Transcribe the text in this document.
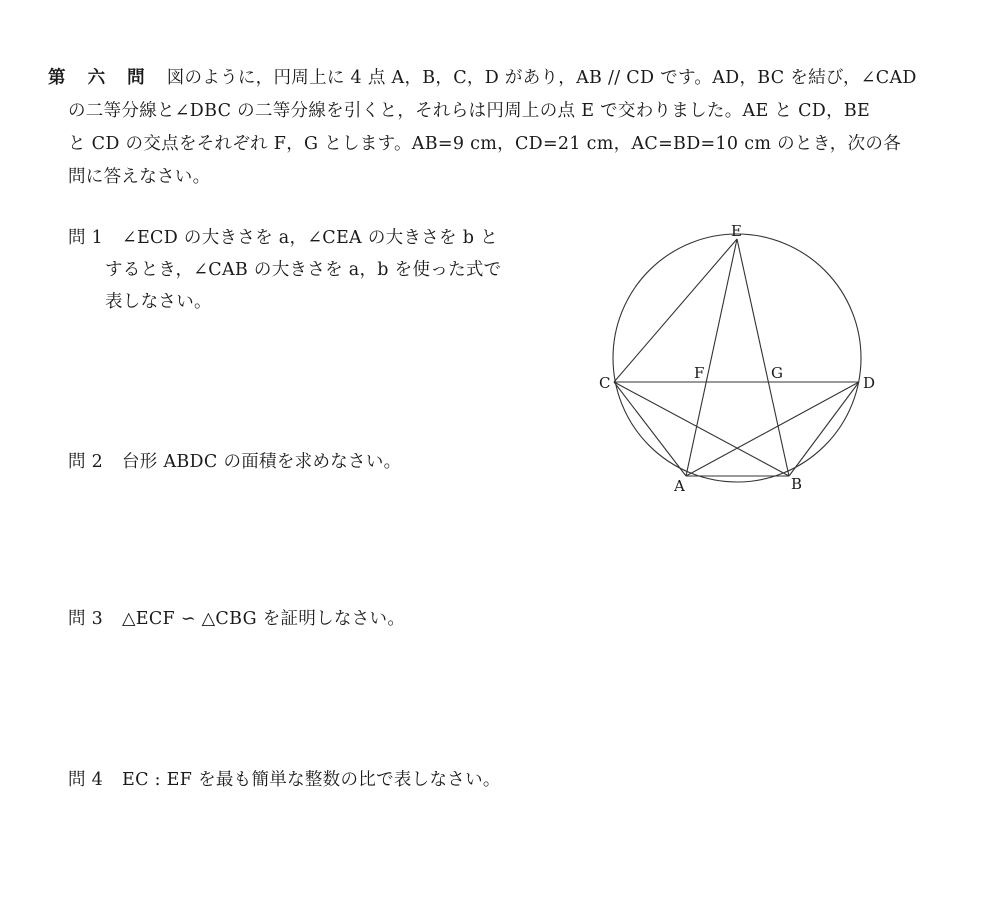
第 六 問 図のように，円周上に 4 点 A，B，C，D があり，AB // CD です。AD，BC を結び，∠CAD
の二等分線と∠DBC の二等分線を引くと，それらは円周上の点 E で交わりました。AE と CD，BE
と CD の交点をそれぞれ F，G とします。AB=9 cm，CD=21 cm，AC=BD=10 cm のとき，次の各
問に答えなさい。
問 1 ∠ECD の大きさを a，∠CEA の大きさを b と
するとき，∠CAB の大きさを a，b を使った式で
表しなさい。
問 2 台形 ABDC の面積を求めなさい。
問 3 △ECF ∽ △CBG を証明しなさい。
問 4 EC : EF を最も簡単な整数の比で表しなさい。
E
C	D
F	G
A	B
